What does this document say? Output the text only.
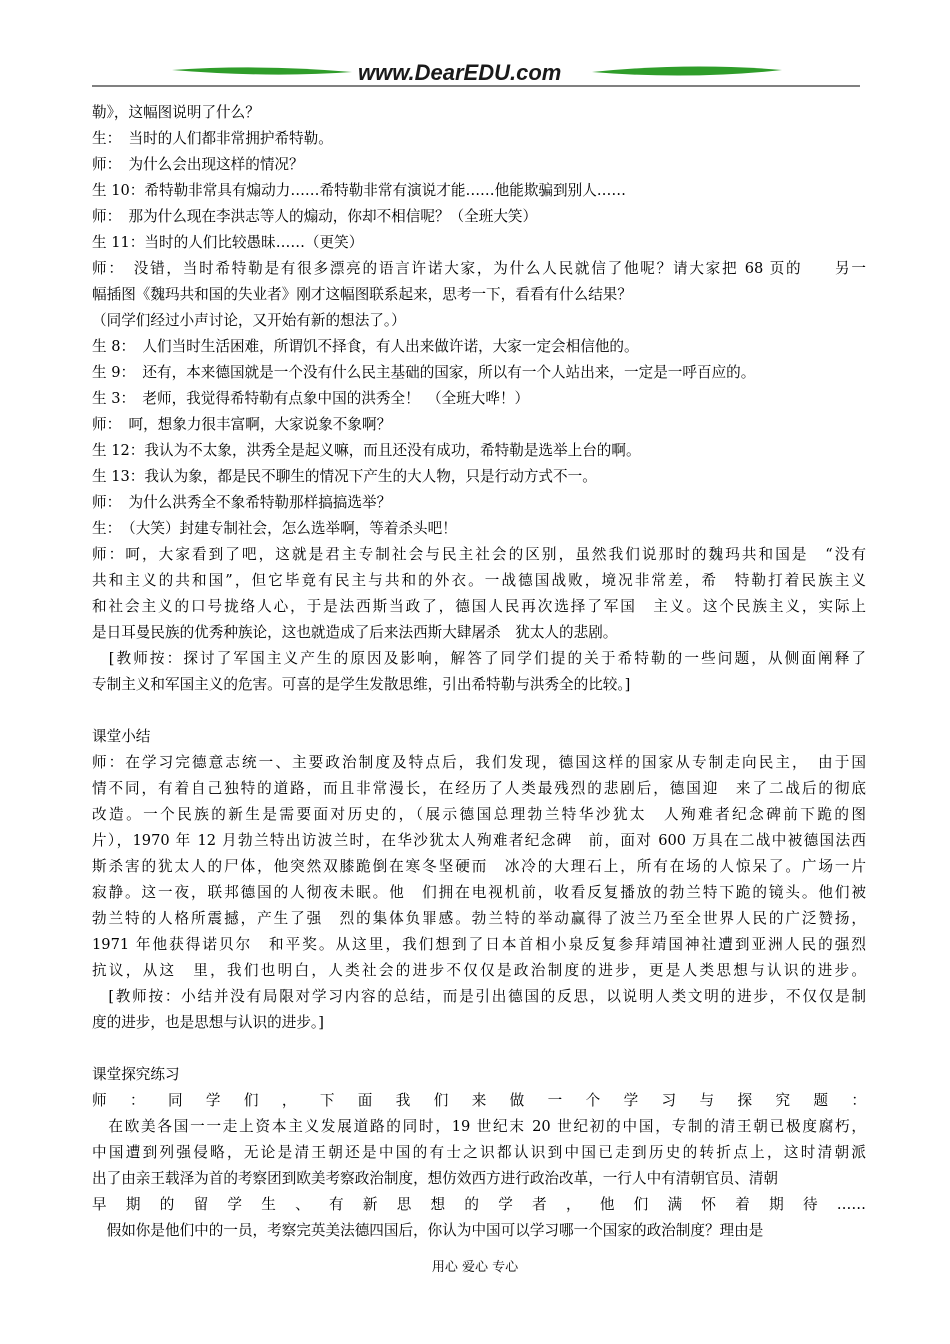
www.DearEDU.com
勒》，这幅图说明了什么？
生：　当时的人们都非常拥护希特勒。
师：　为什么会出现这样的情况？
生 10：希特勒非常具有煽动力……希特勒非常有演说才能……他能欺骗到别人……
师：　那为什么现在李洪志等人的煽动，你却不相信呢？（全班大笑）
生 11：当时的人们比较愚昧……（更笑）
师：　没错，当时希特勒是有很多漂亮的语言许诺大家，为什么人民就信了他呢？请大家把 68 页的　　另一
幅插图《魏玛共和国的失业者》刚才这幅图联系起来，思考一下，看看有什么结果？
（同学们经过小声讨论，又开始有新的想法了。）
生 8：　人们当时生活困难，所谓饥不择食，有人出来做许诺，大家一定会相信他的。
生 9：　还有，本来德国就是一个没有什么民主基础的国家，所以有一个人站出来，一定是一呼百应的。
生 3：　老师，我觉得希特勒有点象中国的洪秀全！　（全班大哗！）
师：　呵，想象力很丰富啊，大家说象不象啊？
生 12：我认为不太象，洪秀全是起义嘛，而且还没有成功，希特勒是选举上台的啊。
生 13：我认为象，都是民不聊生的情况下产生的大人物，只是行动方式不一。
师：　为什么洪秀全不象希特勒那样搞搞选举？
生：　（大笑）封建专制社会，怎么选举啊，等着杀头吧！
师：呵，大家看到了吧，这就是君主专制社会与民主社会的区别，虽然我们说那时的魏玛共和国是　“没有
共和主义的共和国”，但它毕竟有民主与共和的外衣。一战德国战败，境况非常差，希　特勒打着民族主义
和社会主义的口号拢络人心，于是法西斯当政了，德国人民再次选择了军国　主义。这个民族主义，实际上
是日耳曼民族的优秀种族论，这也就造成了后来法西斯大肆屠杀　犹太人的悲剧。
　[教师按：探讨了军国主义产生的原因及影响，解答了同学们提的关于希特勒的一些问题，从侧面阐释了
专制主义和军国主义的危害。可喜的是学生发散思维，引出希特勒与洪秀全的比较。]
课堂小结
师：在学习完德意志统一、主要政治制度及特点后，我们发现，德国这样的国家从专制走向民主，　由于国
情不同，有着自己独特的道路，而且非常漫长，在经历了人类最残烈的悲剧后，德国迎　来了二战后的彻底
改造。一个民族的新生是需要面对历史的，（展示德国总理勃兰特华沙犹太　人殉难者纪念碑前下跪的图
片），1970 年 12 月勃兰特出访波兰时，在华沙犹太人殉难者纪念碑　前，面对 600 万具在二战中被德国法西
斯杀害的犹太人的尸体，他突然双膝跪倒在寒冬坚硬而　冰冷的大理石上，所有在场的人惊呆了。广场一片
寂静。这一夜，联邦德国的人彻夜未眠。他　们拥在电视机前，收看反复播放的勃兰特下跪的镜头。他们被
勃兰特的人格所震撼，产生了强　烈的集体负罪感。勃兰特的举动赢得了波兰乃至全世界人民的广泛赞扬，
1971 年他获得诺贝尔　和平奖。从这里，我们想到了日本首相小泉反复参拜靖国神社遭到亚洲人民的强烈
抗议，从这　里，我们也明白，人类社会的进步不仅仅是政治制度的进步，更是人类思想与认识的进步。
　[教师按：小结并没有局限对学习内容的总结，而是引出德国的反思，以说明人类文明的进步，不仅仅是制
度的进步，也是思想与认识的进步。]
课堂探究练习
师：同学们，下面我们来做一个学习与探究题：
　在欧美各国一一走上资本主义发展道路的同时，19 世纪末 20 世纪初的中国，专制的清王朝已极度腐朽，
中国遭到列强侵略，无论是清王朝还是中国的有士之识都认识到中国已走到历史的转折点上，这时清朝派
出了由亲王载泽为首的考察团到欧美考察政治制度，想仿效西方进行政治改革，一行人中有清朝官员、清朝
早期的留学生、有新思想的学者，他们满怀着期待……
　假如你是他们中的一员，考察完英美法德四国后，你认为中国可以学习哪一个国家的政治制度？理由是
用心 爱心 专心
